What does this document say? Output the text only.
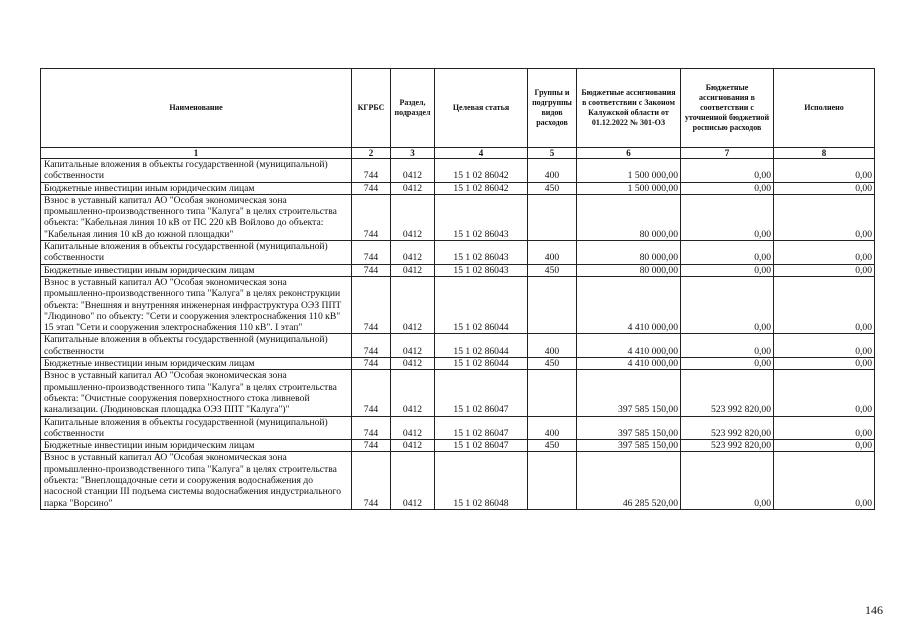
Наименование	КГРБС	Раздел, подраздел	Целевая статья	Группы и подгруппы видов расходов	Бюджетные ассигнования в соответствии с Законом Калужской области от 01.12.2022 № 301-ОЗ	Бюджетные ассигнования в соответствии с уточненной бюджетной росписью расходов	Исполнено
1	2	3	4	5	6	7	8
Капитальные вложения в объекты государственной (муниципальной) собственности	744	0412	15 1 02 86042	400	1 500 000,00	0,00	0,00
Бюджетные инвестиции иным юридическим лицам	744	0412	15 1 02 86042	450	1 500 000,00	0,00	0,00
Взнос в уставный капитал АО "Особая экономическая зона промышленно-производственного типа "Калуга" в целях строительства объекта: "Кабельная линия 10 кВ от ПС 220 кВ Войлово до объекта: "Кабельная линия 10 кВ до южной площадки"	744	0412	15 1 02 86043		80 000,00	0,00	0,00
Капитальные вложения в объекты государственной (муниципальной) собственности	744	0412	15 1 02 86043	400	80 000,00	0,00	0,00
Бюджетные инвестиции иным юридическим лицам	744	0412	15 1 02 86043	450	80 000,00	0,00	0,00
Взнос в уставный капитал АО "Особая экономическая зона промышленно-производственного типа "Калуга" в целях реконструкции объекта: "Внешняя и внутренняя инженерная инфраструктура ОЭЗ ППТ "Людиново" по объекту: "Сети и сооружения электроснабжения 110 кВ" 15 этап "Сети и сооружения электроснабжения 110 кВ". I этап"	744	0412	15 1 02 86044		4 410 000,00	0,00	0,00
Капитальные вложения в объекты государственной (муниципальной) собственности	744	0412	15 1 02 86044	400	4 410 000,00	0,00	0,00
Бюджетные инвестиции иным юридическим лицам	744	0412	15 1 02 86044	450	4 410 000,00	0,00	0,00
Взнос в уставный капитал АО "Особая экономическая зона промышленно-производственного типа "Калуга" в целях строительства объекта: "Очистные сооружения поверхностного стока ливневой канализации. (Людиновская площадка ОЭЗ ППТ "Калуга")"	744	0412	15 1 02 86047		397 585 150,00	523 992 820,00	0,00
Капитальные вложения в объекты государственной (муниципальной) собственности	744	0412	15 1 02 86047	400	397 585 150,00	523 992 820,00	0,00
Бюджетные инвестиции иным юридическим лицам	744	0412	15 1 02 86047	450	397 585 150,00	523 992 820,00	0,00
Взнос в уставный капитал АО "Особая экономическая зона промышленно-производственного типа "Калуга" в целях строительства объекта: "Внеплощадочные сети и сооружения водоснабжения до насосной станции III подъема системы водоснабжения индустриального парка "Ворсино"	744	0412	15 1 02 86048		46 285 520,00	0,00	0,00
146
